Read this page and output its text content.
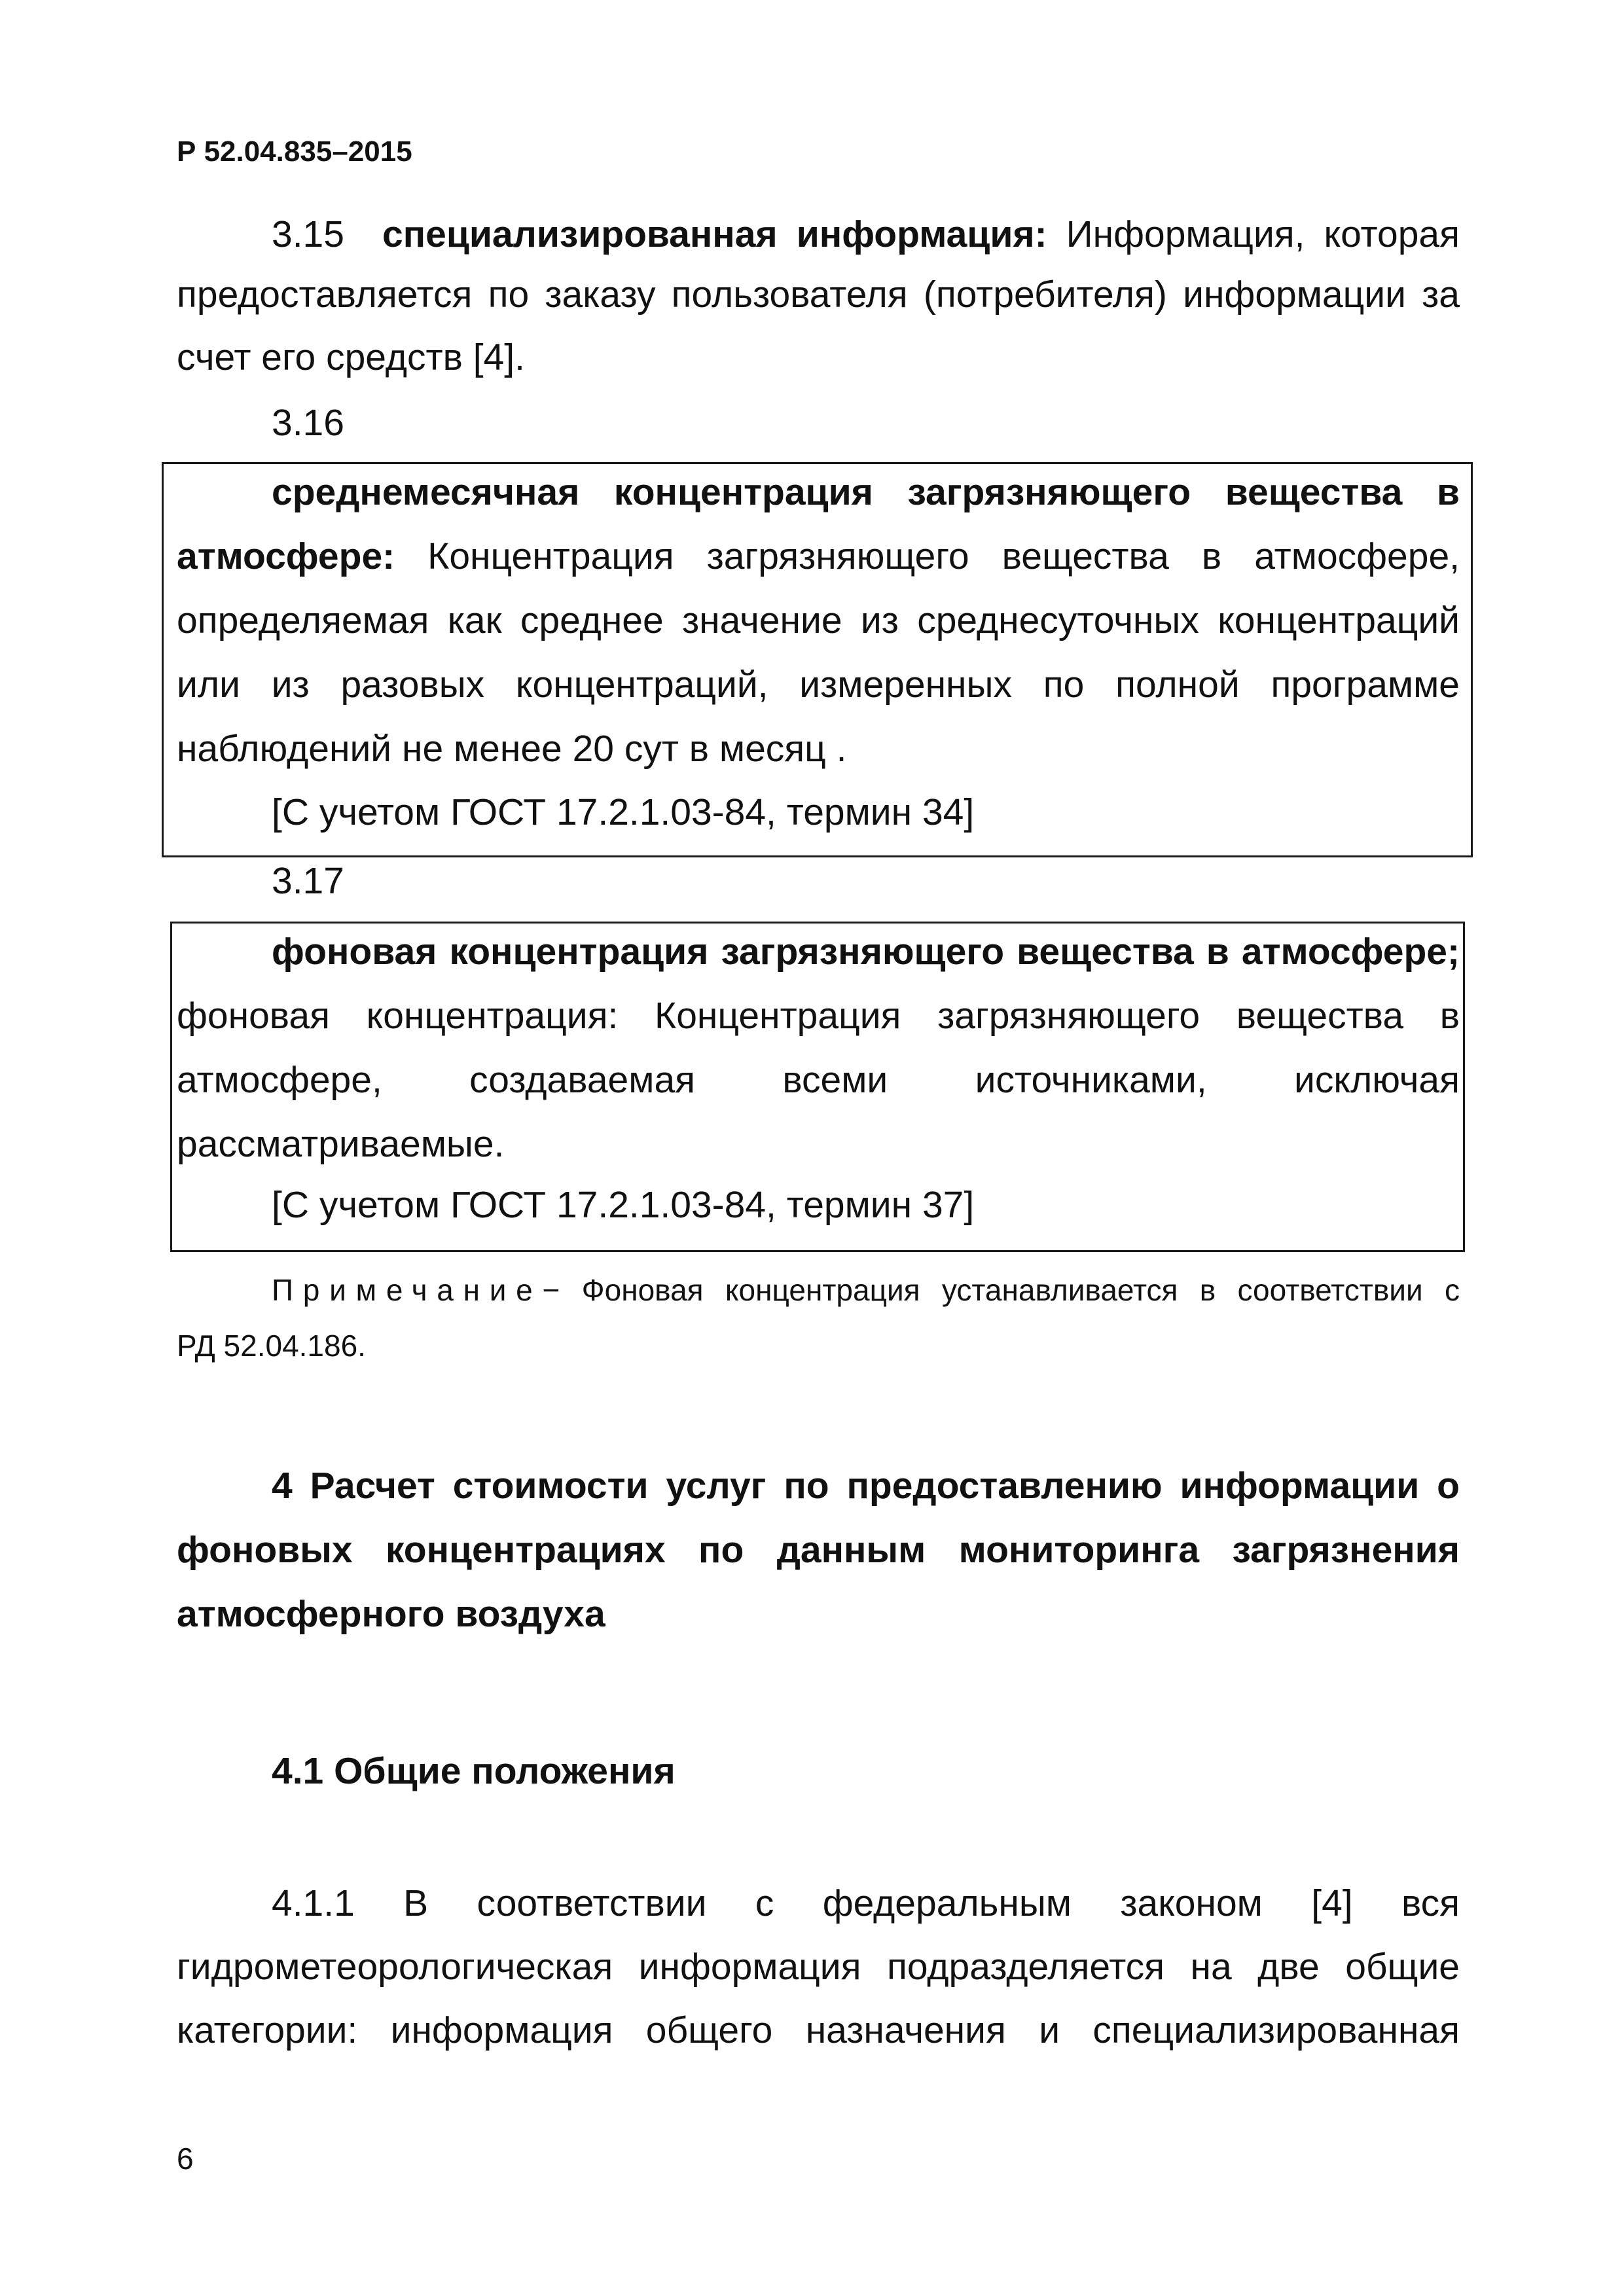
Р 52.04.835–2015
3.15 специализированная информация: Информация, которая
предоставляется по заказу пользователя (потребителя) информации за
счет его средств [4].
3.16
среднемесячная концентрация загрязняющего вещества в
атмосфере: Концентрация загрязняющего вещества в атмосфере,
определяемая как среднее значение из среднесуточных концентраций
или из разовых концентраций, измеренных по полной программе
наблюдений не менее 20 сут в месяц .
[С учетом ГОСТ 17.2.1.03-84, термин 34]
3.17
фоновая концентрация загрязняющего вещества в атмосфере;
фоновая концентрация: Концентрация загрязняющего вещества в
атмосфере, создаваемая всеми источниками, исключая
рассматриваемые.
[С учетом ГОСТ 17.2.1.03-84, термин 37]
Примечание− Фоновая концентрация устанавливается в соответствии с
РД 52.04.186.
4 Расчет стоимости услуг по предоставлению информации о
фоновых концентрациях по данным мониторинга загрязнения
атмосферного воздуха
4.1 Общие положения
4.1.1 В соответствии с федеральным законом [4] вся
гидрометеорологическая информация подразделяется на две общие
категории: информация общего назначения и специализированная
6
